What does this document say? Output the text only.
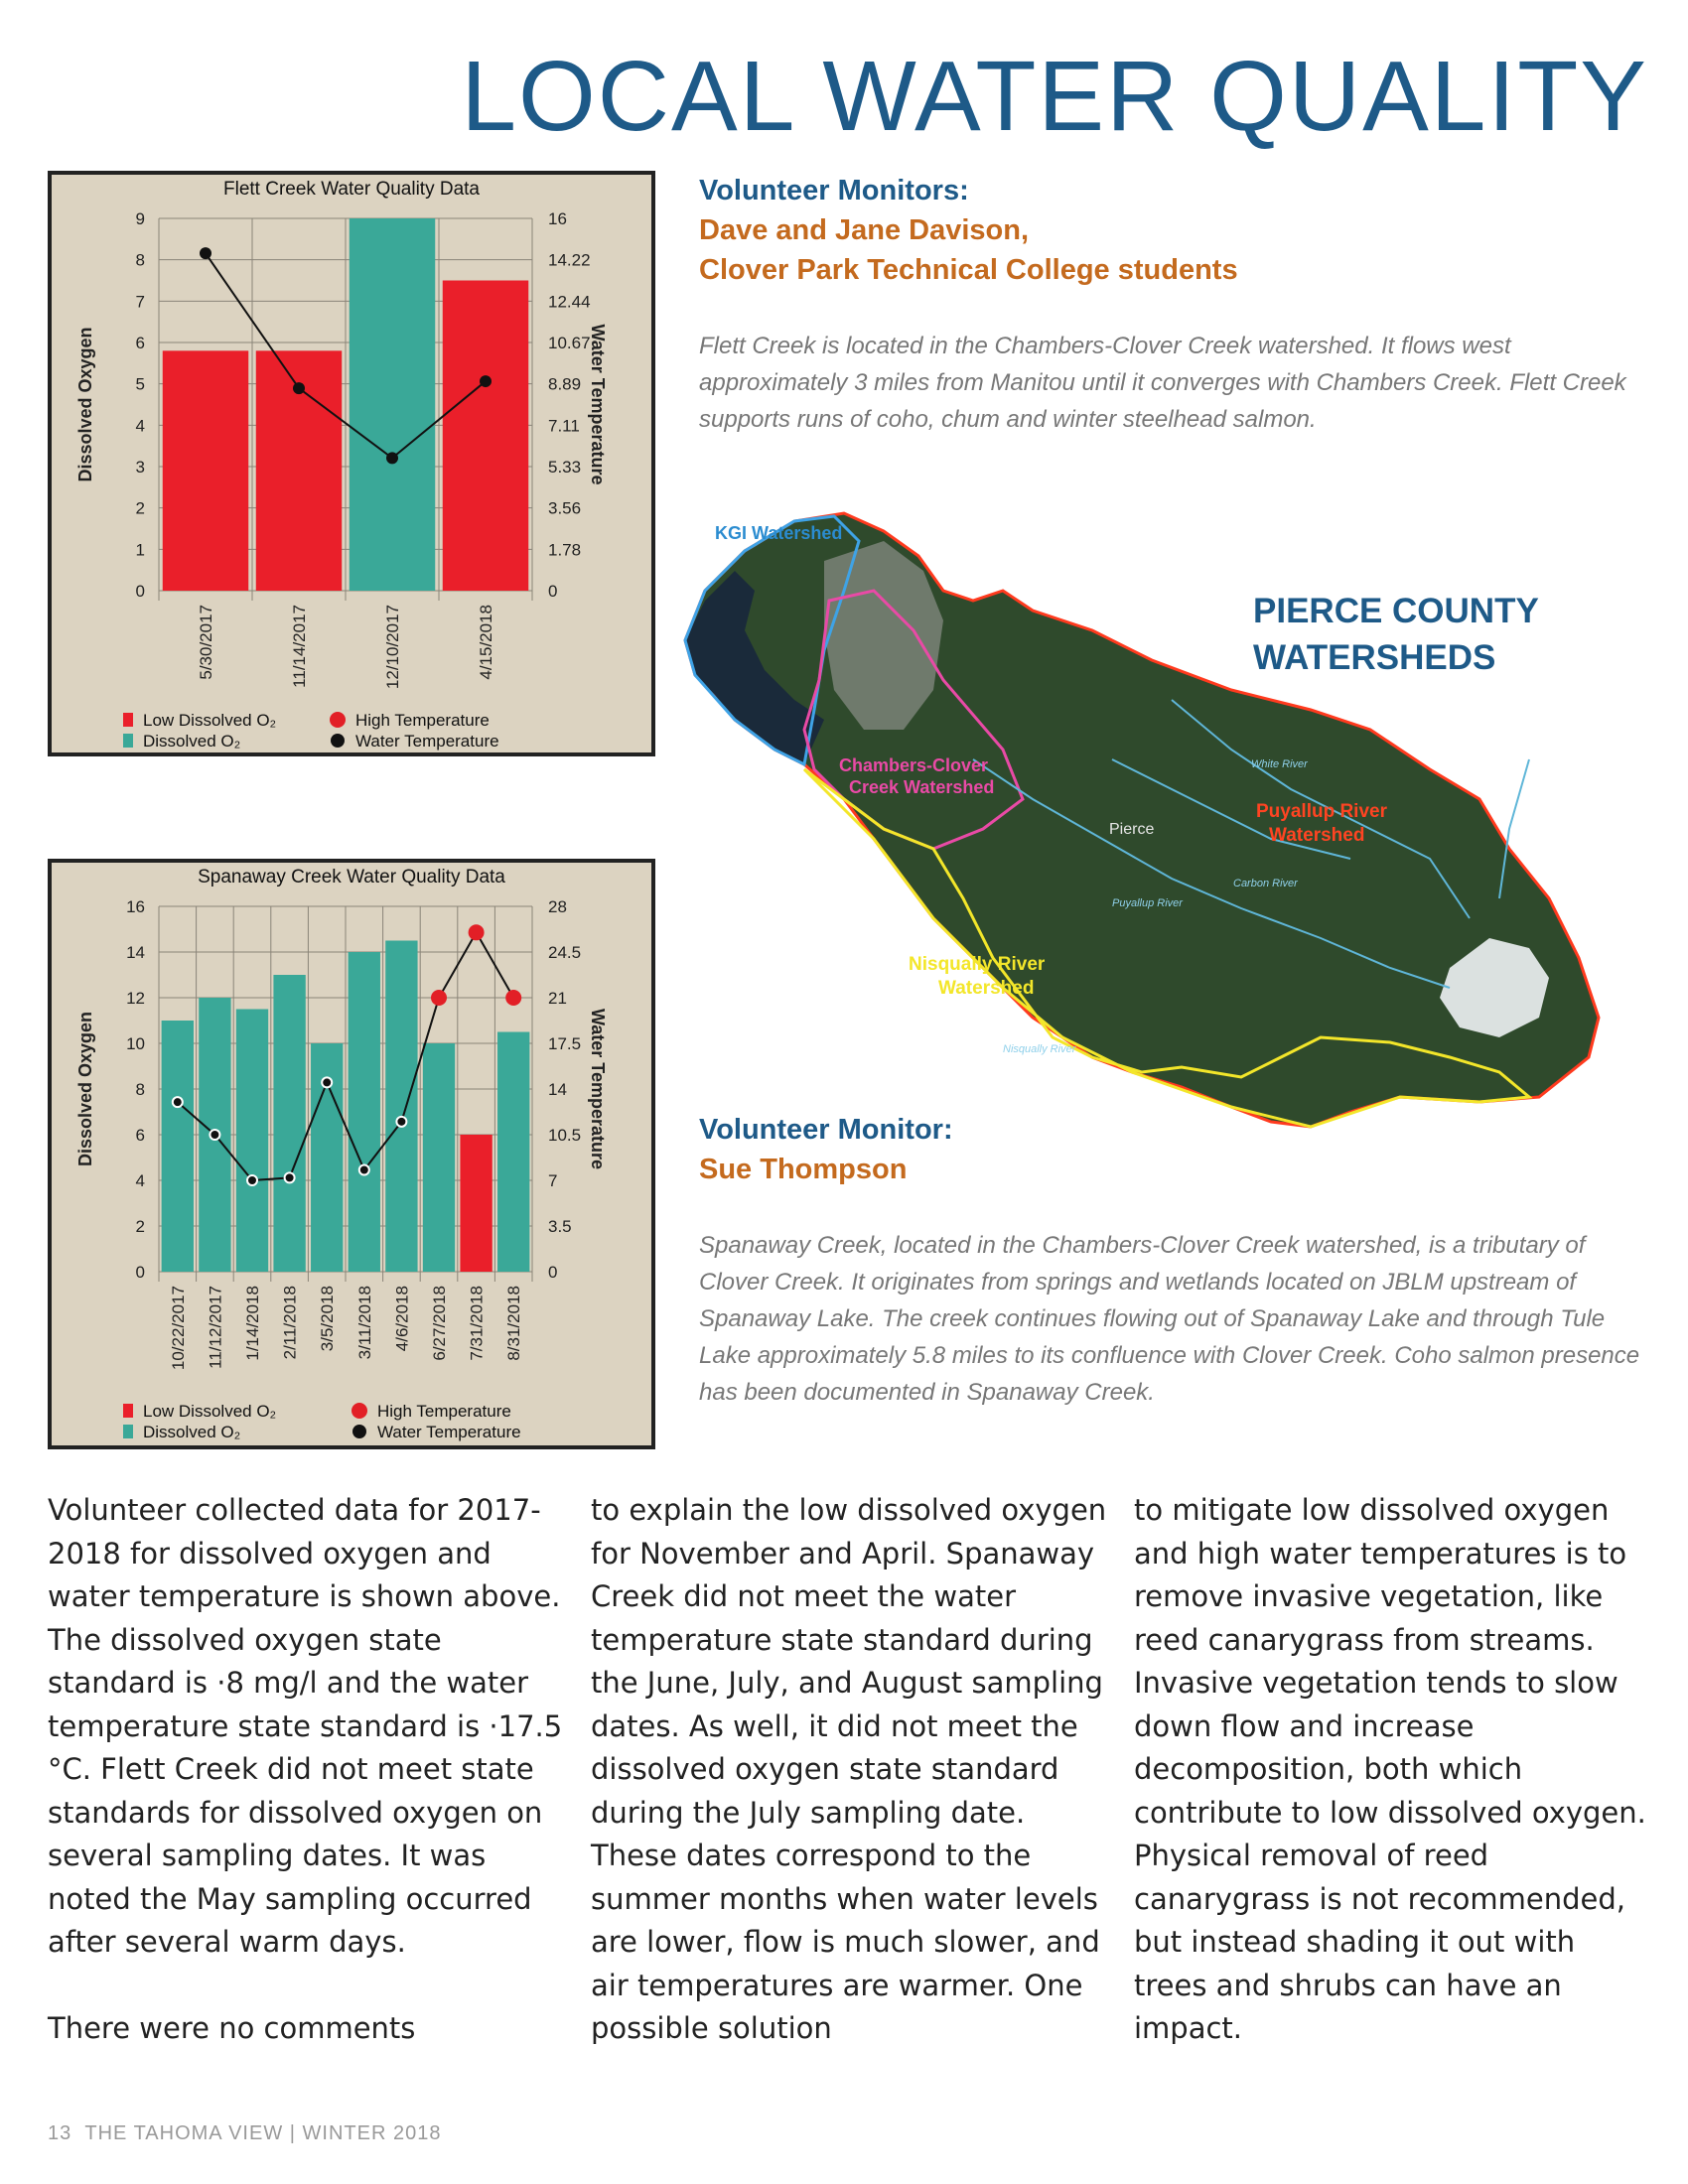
LOCAL WATER QUALITY
Flett Creek Water Quality Data
0	0
1	1.78
2	3.56
3	5.33
4	7.11
5	8.89
6	10.67
7	12.44
8	14.22
9	16
Dissolved Oxygen	Water Temperature
5/30/2017	11/14/2017	12/10/2017	4/15/2018
Low Dissolved O₂
Dissolved O₂
High Temperature
Water Temperature
Spanaway Creek Water Quality Data
0	0
2	3.5
4	7
6	10.5
8	14
10	17.5
12	21
14	24.5
16	28
Dissolved Oxygen	Water Temperature
10/22/2017 11/12/2017 1/14/2018 2/11/2018 3/5/2018 3/11/2018 4/6/2018 6/27/2018 7/31/2018 8/31/2018
Low Dissolved O₂
Dissolved O₂
High Temperature
Water Temperature
Volunteer Monitors:
Dave and Jane Davison,
Clover Park Technical College students
Flett Creek is located in the Chambers-Clover Creek watershed. It flows west approximately 3 miles from Manitou until it converges with Chambers Creek. Flett Creek supports runs of coho, chum and winter steelhead salmon.
KGI Watershed
Chambers-Clover
Creek Watershed
Puyallup River
Watershed
Nisqually River
Watershed
Pierce
White River
Carbon River
Puyallup River
Nisqually River
PIERCE COUNTY
WATERSHEDS
Volunteer Monitor:
Sue Thompson
Spanaway Creek, located in the Chambers-Clover Creek watershed, is a tributary of Clover Creek. It originates from springs and wetlands located on JBLM upstream of Spanaway Lake. The creek continues flowing out of Spanaway Lake and through Tule Lake approximately 5.8 miles to its confluence with Clover Creek. Coho salmon presence has been documented in Spanaway Creek.

Volunteer collected data for 2017-2018 for dissolved oxygen and water temperature is shown above. The dissolved oxygen state standard is ·8 mg/l and the water temperature state standard is ·17.5 °C. Flett Creek did not meet state standards for dissolved oxygen on several sampling dates. It was noted the May sampling occurred after several warm days.

There were no comments

to explain the low dissolved oxygen for November and April. Spanaway Creek did not meet the water temperature state standard during the June, July, and August sampling dates. As well, it did not meet the dissolved oxygen state standard during the July sampling date. These dates correspond to the summer months when water levels are lower, flow is much slower, and air temperatures are warmer. One possible solution

to mitigate low dissolved oxygen and high water temperatures is to remove invasive vegetation, like reed canarygrass from streams. Invasive vegetation tends to slow down flow and increase decomposition, both which contribute to low dissolved oxygen. Physical removal of reed canarygrass is not recommended, but instead shading it out with trees and shrubs can have an impact.

13 THE TAHOMA VIEW | WINTER 2018
